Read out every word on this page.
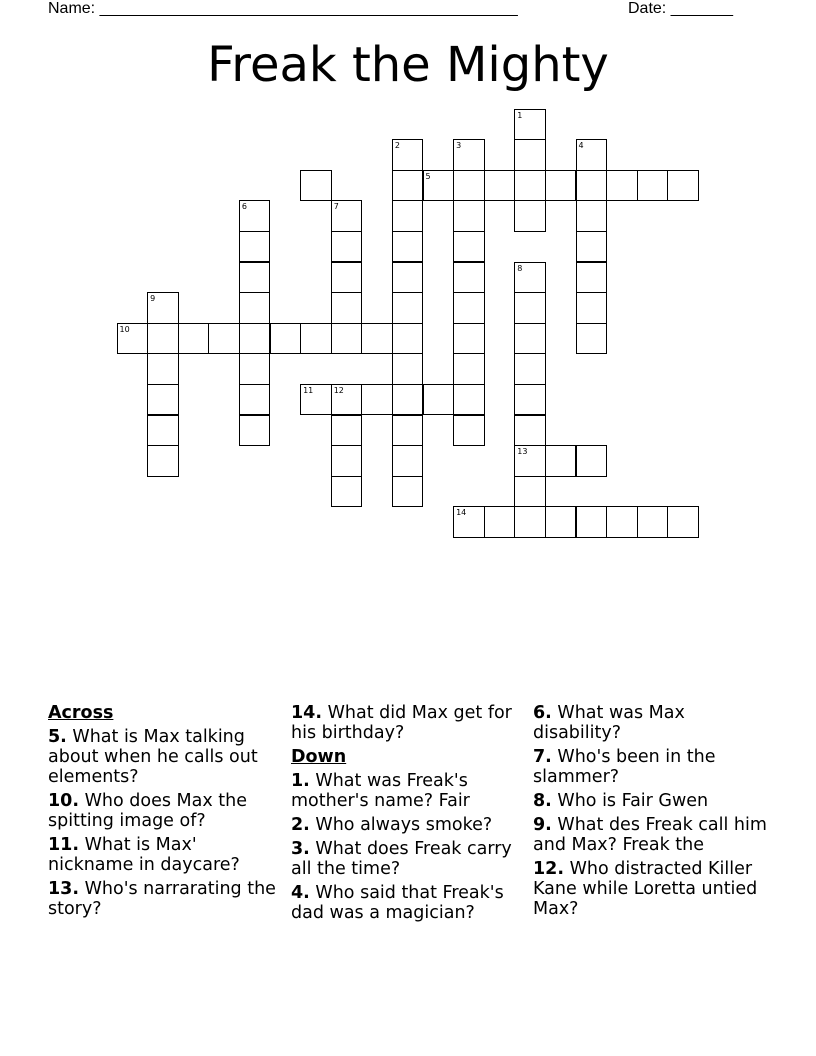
Name: _______________________________________________	Date: _______
Freak the Mighty
1
2	3	4
5
6	7
8
9
10
11	12
13
14
Across
5. What is Max talking about when he calls out elements?
10. Who does Max the spitting image of?
11. What is Max' nickname in daycare?
13. Who's narrarating the story?
14. What did Max get for his birthday?
Down
1. What was Freak's mother's name? Fair
2. Who always smoke?
3. What does Freak carry all the time?
4. Who said that Freak's dad was a magician?
6. What was Max disability?
7. Who's been in the slammer?
8. Who is Fair Gwen
9. What des Freak call him and Max? Freak the
12. Who distracted Killer Kane while Loretta untied Max?
